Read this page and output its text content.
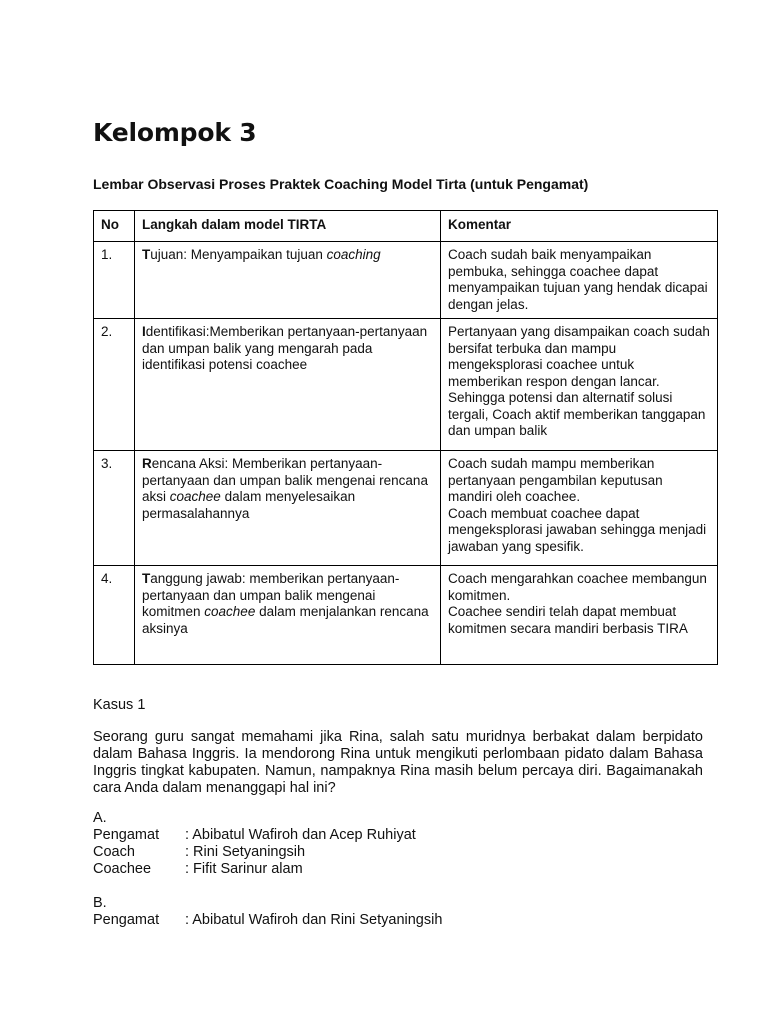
Kelompok 3

Lembar Observasi Proses Praktek Coaching Model Tirta (untuk Pengamat)

No	Langkah dalam model TIRTA	Komentar
1.	Tujuan: Menyampaikan tujuan coaching	Coach sudah baik menyampaikan pembuka, sehingga coachee dapat menyampaikan tujuan yang hendak dicapai dengan jelas.
2.	Identifikasi:Memberikan pertanyaan-pertanyaan dan umpan balik yang mengarah pada identifikasi potensi coachee	Pertanyaan yang disampaikan coach sudah bersifat terbuka dan mampu mengeksplorasi coachee untuk memberikan respon dengan lancar. Sehingga potensi dan alternatif solusi tergali, Coach aktif memberikan tanggapan dan umpan balik
3.	Rencana Aksi: Memberikan pertanyaan-pertanyaan dan umpan balik mengenai rencana aksi coachee dalam menyelesaikan permasalahannya	Coach sudah mampu memberikan pertanyaan pengambilan keputusan mandiri oleh coachee.
Coach membuat coachee dapat mengeksplorasi jawaban sehingga menjadi jawaban yang spesifik.
4.	Tanggung jawab: memberikan pertanyaan-pertanyaan dan umpan balik mengenai komitmen coachee dalam menjalankan rencana aksinya	Coach mengarahkan coachee membangun komitmen.
Coachee sendiri telah dapat membuat komitmen secara mandiri berbasis TIRA

Kasus 1

Seorang guru sangat memahami jika Rina, salah satu muridnya berbakat dalam berpidato dalam Bahasa Inggris. Ia mendorong Rina untuk mengikuti perlombaan pidato dalam Bahasa Inggris tingkat kabupaten. Namun, nampaknya Rina masih belum percaya diri. Bagaimanakah cara Anda dalam menanggapi hal ini?

A.

Pengamat : Abibatul Wafiroh dan Acep Ruhiyat
Coach	: Rini Setyaningsih
Coachee : Fifit Sarinur alam

B.

Pengamat : Abibatul Wafiroh dan Rini Setyaningsih
